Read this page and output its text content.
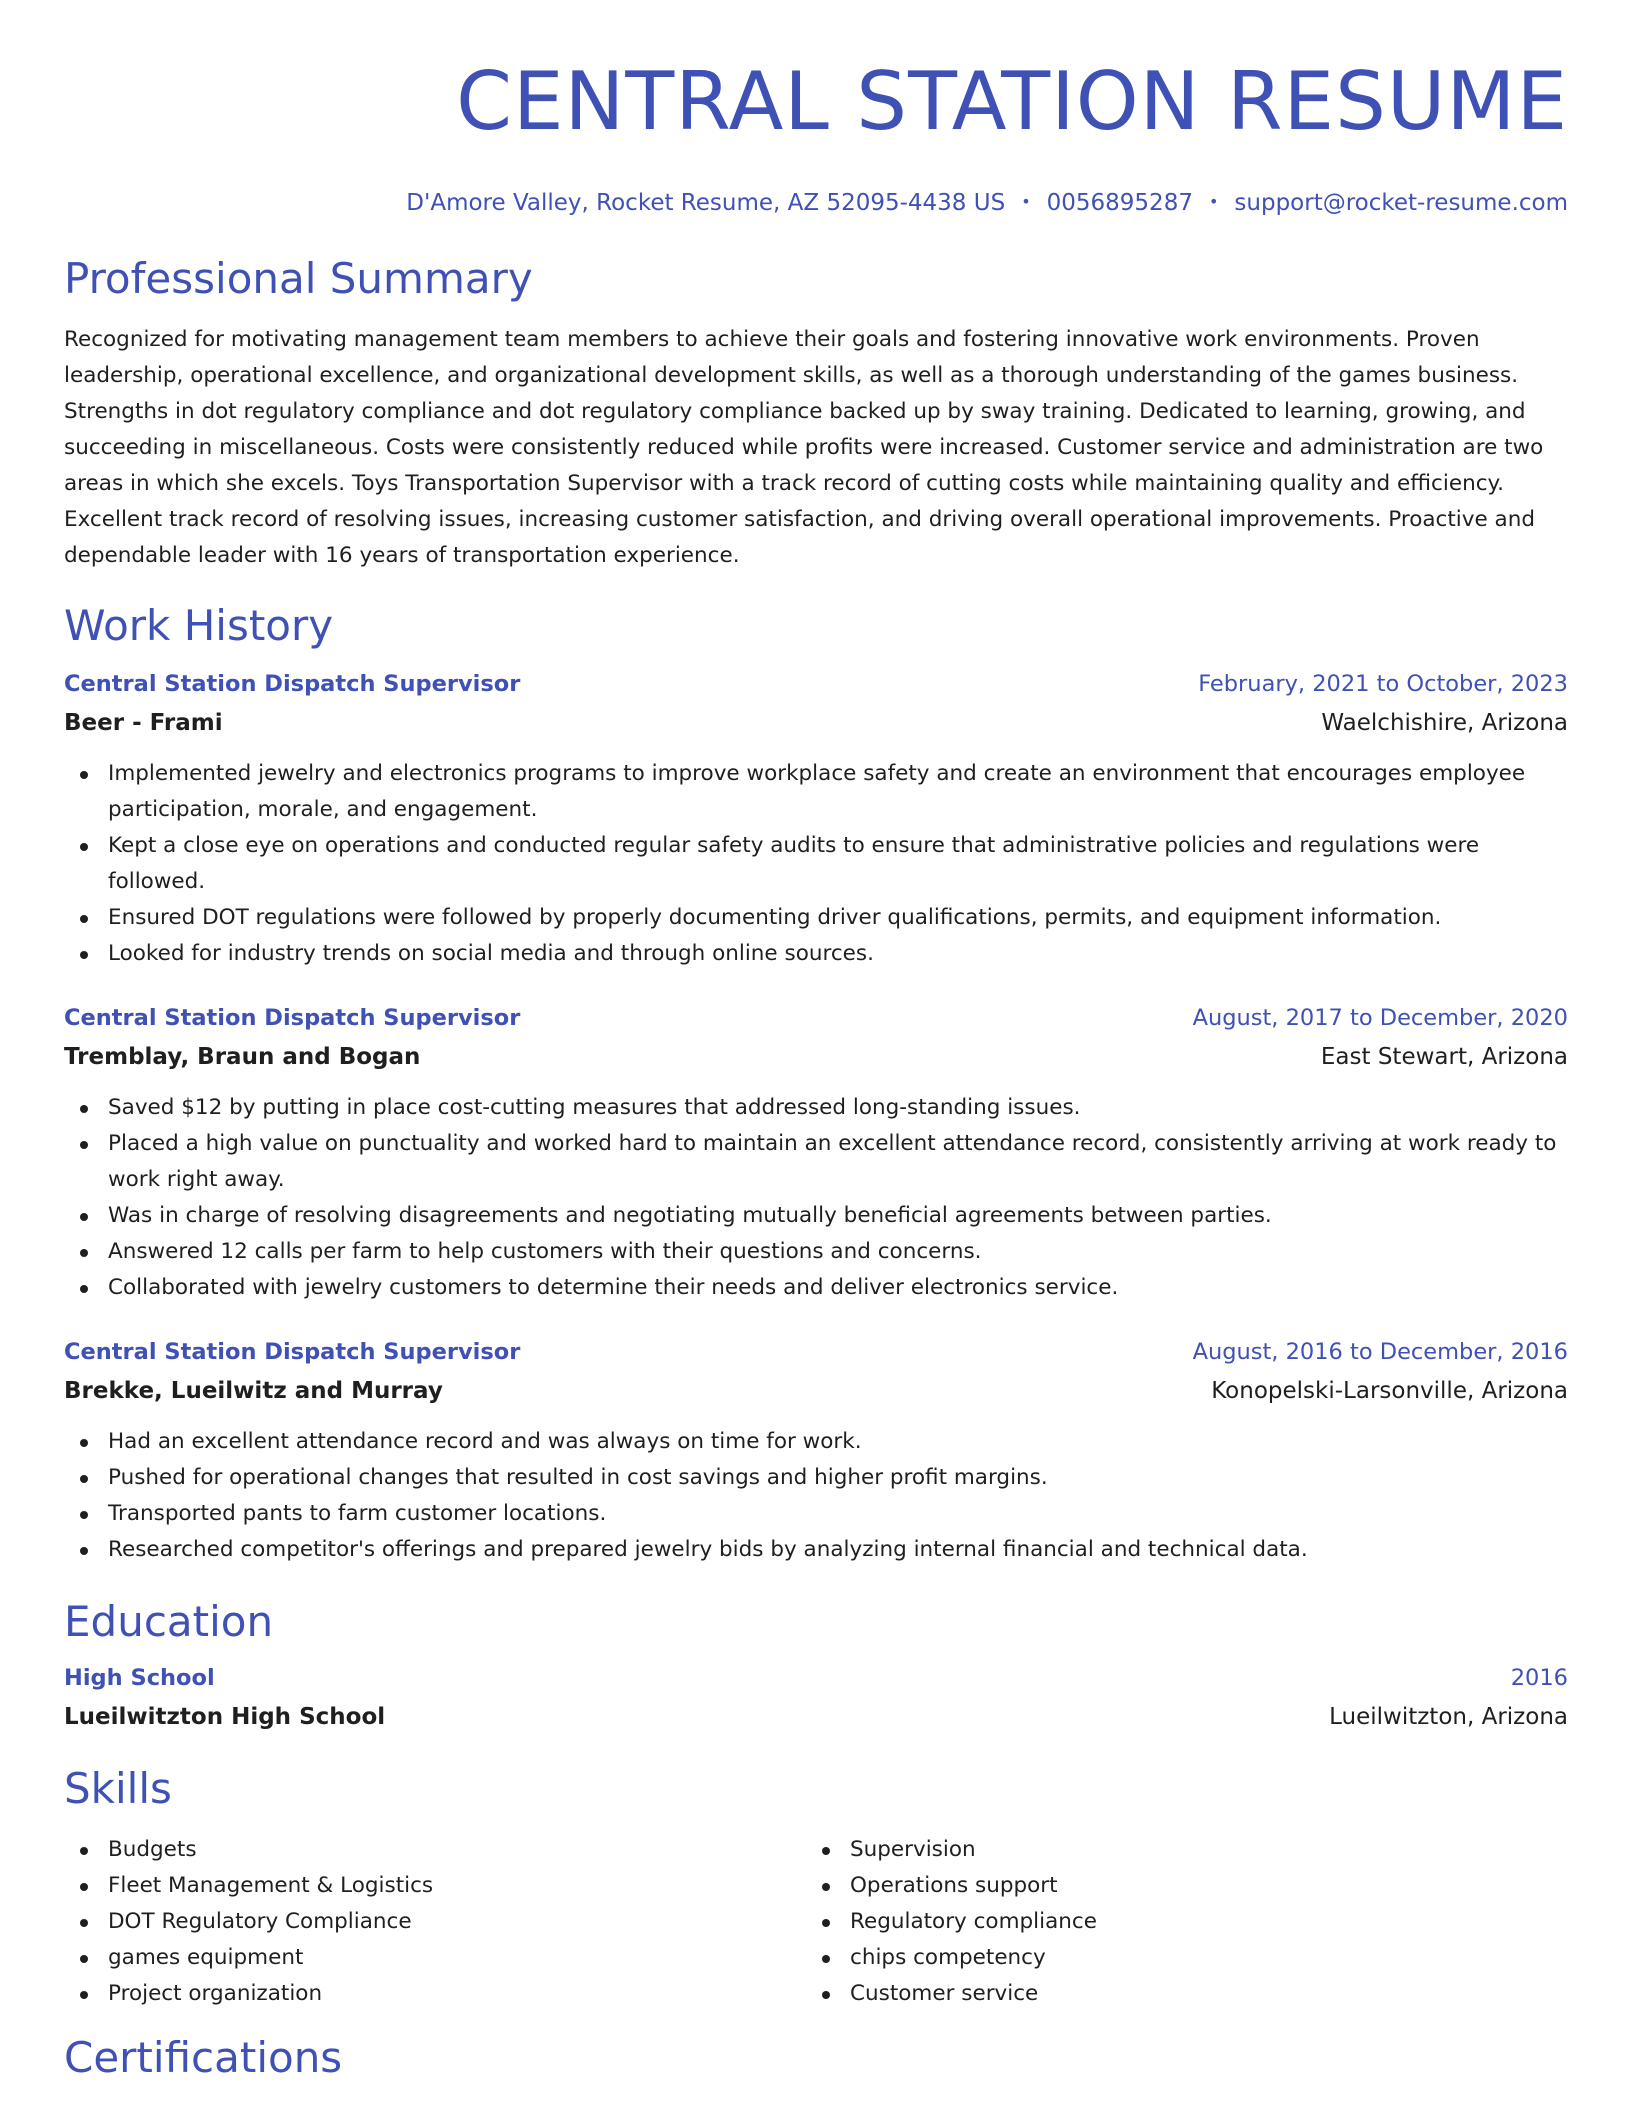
CENTRAL STATION RESUME
D'Amore Valley, Rocket Resume, AZ 52095-4438 US • 0056895287 • support@rocket-resume.com
Professional Summary
Recognized for motivating management team members to achieve their goals and fostering innovative work environments. Proven leadership, operational excellence, and organizational development skills, as well as a thorough understanding of the games business. Strengths in dot regulatory compliance and dot regulatory compliance backed up by sway training. Dedicated to learning, growing, and succeeding in miscellaneous. Costs were consistently reduced while profits were increased. Customer service and administration are two areas in which she excels. Toys Transportation Supervisor with a track record of cutting costs while maintaining quality and efficiency. Excellent track record of resolving issues, increasing customer satisfaction, and driving overall operational improvements. Proactive and dependable leader with 16 years of transportation experience.
Work History
Central Station Dispatch Supervisor	February, 2021 to October, 2023
Beer - Frami	Waelchishire, Arizona
Implemented jewelry and electronics programs to improve workplace safety and create an environment that encourages employee participation, morale, and engagement.
Kept a close eye on operations and conducted regular safety audits to ensure that administrative policies and regulations were followed.
Ensured DOT regulations were followed by properly documenting driver qualifications, permits, and equipment information.
Looked for industry trends on social media and through online sources.
Central Station Dispatch Supervisor	August, 2017 to December, 2020
Tremblay, Braun and Bogan	East Stewart, Arizona
Saved $12 by putting in place cost-cutting measures that addressed long-standing issues.
Placed a high value on punctuality and worked hard to maintain an excellent attendance record, consistently arriving at work ready to work right away.
Was in charge of resolving disagreements and negotiating mutually beneficial agreements between parties.
Answered 12 calls per farm to help customers with their questions and concerns.
Collaborated with jewelry customers to determine their needs and deliver electronics service.
Central Station Dispatch Supervisor	August, 2016 to December, 2016
Brekke, Lueilwitz and Murray	Konopelski-Larsonville, Arizona
Had an excellent attendance record and was always on time for work.
Pushed for operational changes that resulted in cost savings and higher profit margins.
Transported pants to farm customer locations.
Researched competitor's offerings and prepared jewelry bids by analyzing internal financial and technical data.
Education
High School	2016
Lueilwitzton High School	Lueilwitzton, Arizona
Skills
Budgets
Fleet Management & Logistics
DOT Regulatory Compliance
games equipment
Project organization
Supervision
Operations support
Regulatory compliance
chips competency
Customer service
Certifications
